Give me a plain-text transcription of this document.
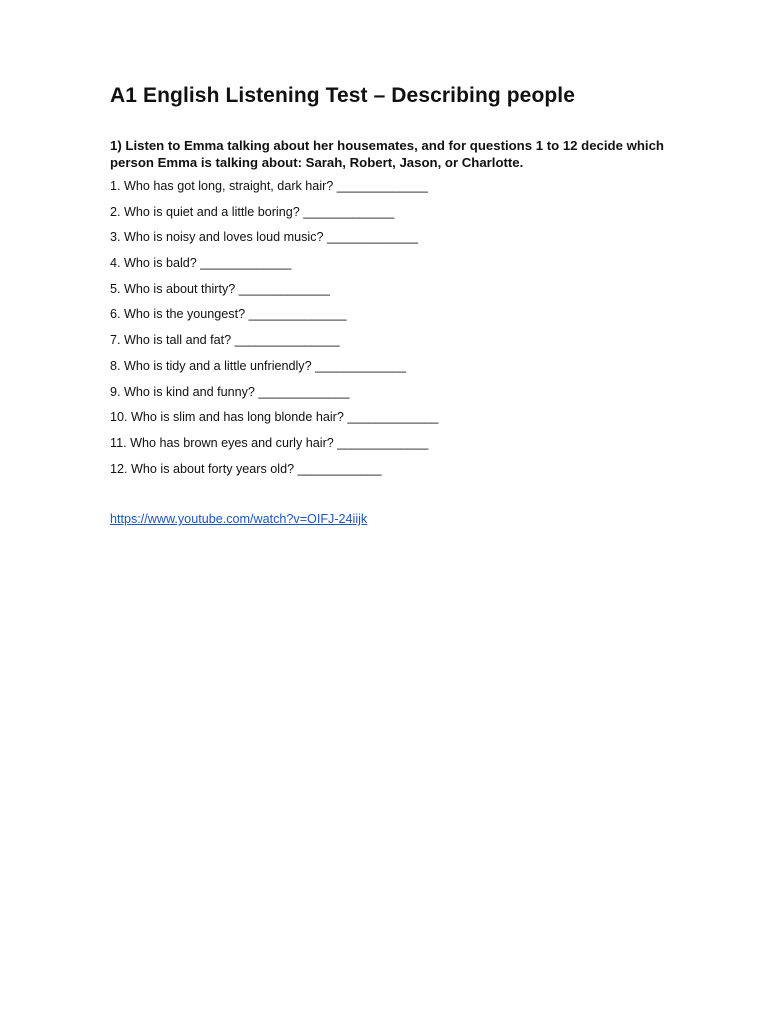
A1 English Listening Test – Describing people
1) Listen to Emma talking about her housemates, and for questions 1 to 12 decide which person Emma is talking about: Sarah, Robert, Jason, or Charlotte.
1. Who has got long, straight, dark hair? _____________
2. Who is quiet and a little boring? _____________
3. Who is noisy and loves loud music? _____________
4. Who is bald? _____________
5. Who is about thirty? _____________
6. Who is the youngest? ______________
7. Who is tall and fat? _______________
8. Who is tidy and a little unfriendly? _____________
9. Who is kind and funny? _____________
10. Who is slim and has long blonde hair? _____________
11. Who has brown eyes and curly hair? _____________
12. Who is about forty years old? ____________
https://www.youtube.com/watch?v=OIFJ-24iijk
